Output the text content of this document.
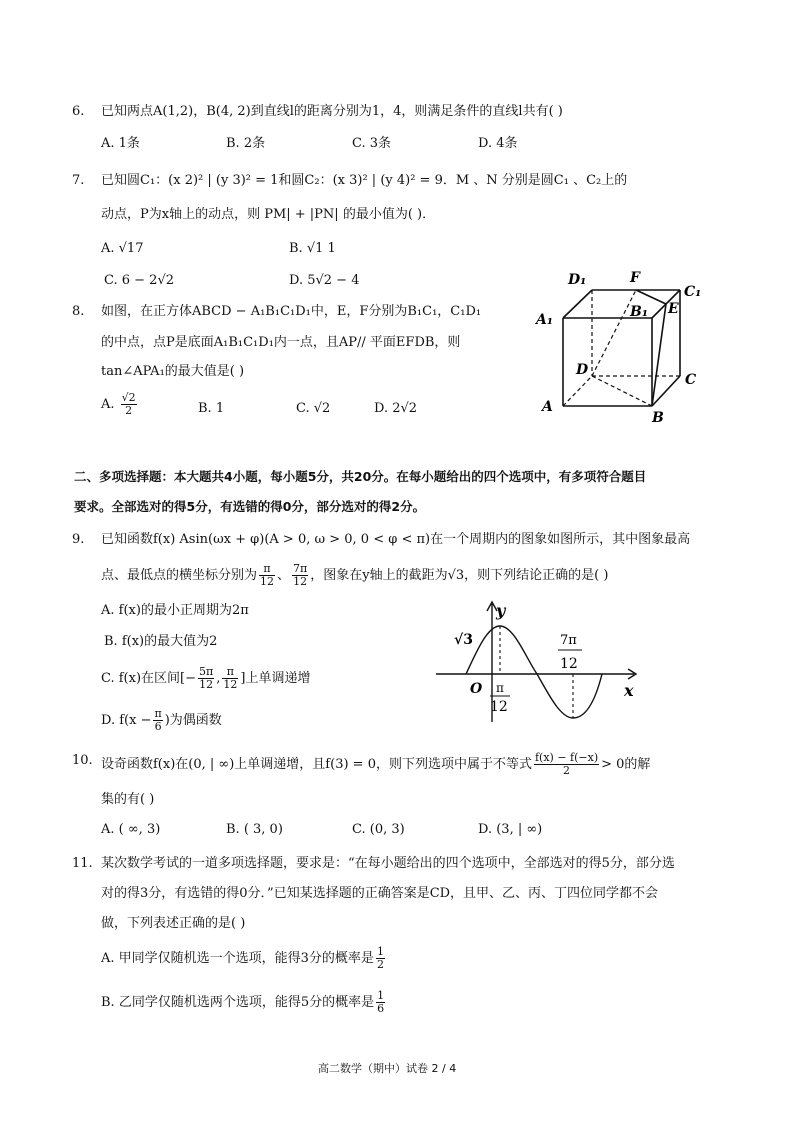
6. 已知两点A(1,2)，B(4, 2)到直线l的距离分别为1，4，则满足条件的直线l共有( )
A. 1条	B. 2条	C. 3条	D. 4条
7. 已知圆C₁：(x 2)² | (y 3)² = 1和圆C₂：(x 3)² | (y 4)² = 9．M 、N 分别是圆C₁ 、C₂上的
动点，P为x轴上的动点，则 PM| + |PN| 的最小值为( )．
A. √17	B. √1 1
C. 6 − 2√2	D. 5√2 − 4
8. 如图，在正方体ABCD − A₁B₁C₁D₁中，E，F分别为B₁C₁，C₁D₁
的中点，点P是底面A₁B₁C₁D₁内一点，且AP// 平面EFDB，则
tan∠APA₁的最大值是( )
A. $\frac{√2}{2}$	B. 1	C. √2	D. 2√2
D₁	F
C₁
A₁	B₁ E
D
C
A
B
二、多项选择题：本大题共4小题，每小题5分，共20分。在每小题给出的四个选项中，有多项符合题目
要求。全部选对的得5分，有选错的得0分，部分选对的得2分。
9. 已知函数f(x) Asin(ωx + φ)(A > 0, ω > 0, 0 < φ < π)在一个周期内的图象如图所示，其中图象最高
点、最低点的横坐标分别为 $\frac{\pi}{12}$ 、 $\frac{7\pi}{12}$ ，图象在y轴上的截距为√3，则下列结论正确的是( )
A. f(x)的最小正周期为2π
B. f(x)的最大值为2
C. f(x)在区间[− $\frac{5\pi}{12}$ , $\frac{\pi}{12}$ ]上单调递增
D. $f(x - \frac{\pi}{6}$ )为偶函数
y
x
O
√3
π
12
7π
12
10. 设奇函数f(x)在(0, | ∞)上单调递增，且f(3) = 0，则下列选项中属于不等式 $\frac{f(x) - f(-x)}{2} > 0$的解
集的有( )
A. ( ∞, 3)	B. ( 3, 0)	C. (0, 3)	D. (3, | ∞)
11. 某次数学考试的一道多项选择题，要求是：“在每小题给出的四个选项中，全部选对的得5分，部分选
对的得3分，有选错的得0分．”已知某选择题的正确答案是CD，且甲、乙、丙、丁四位同学都不会
做，下列表述正确的是( )
A. 甲同学仅随机选一个选项，能得3分的概率是 $\frac{1}{2}$
B. 乙同学仅随机选两个选项，能得5分的概率是 $\frac{1}{6}$
高二数学（期中）试卷 2 / 4
